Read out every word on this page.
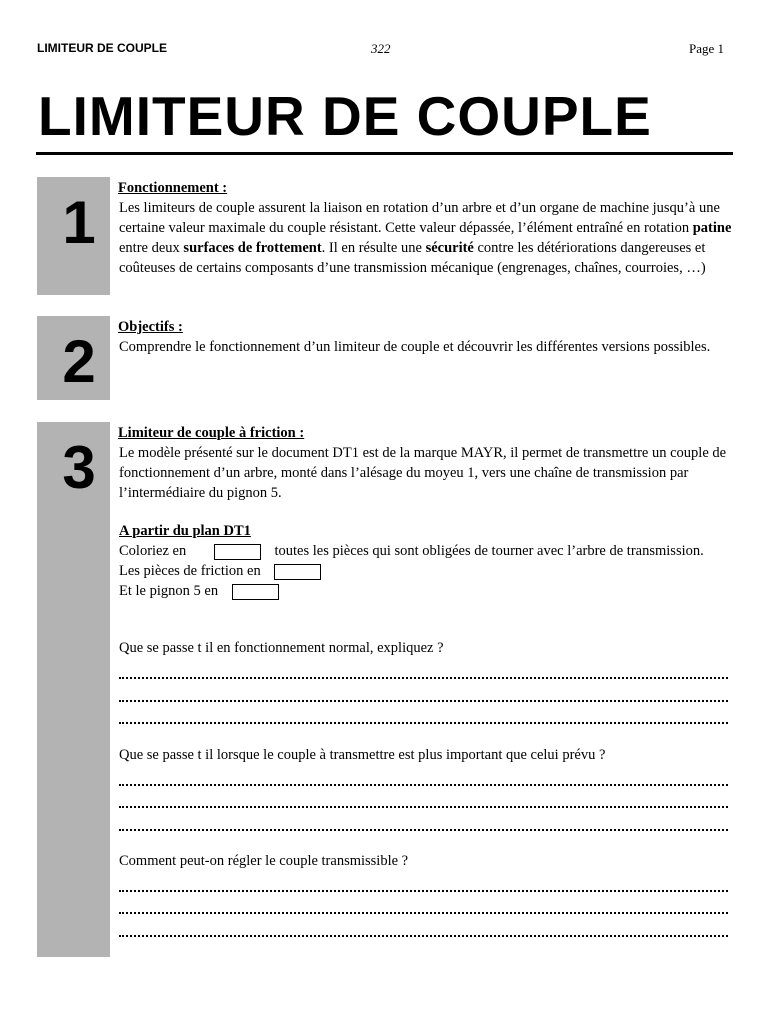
LIMITEUR DE COUPLE	322	Page 1
LIMITEUR DE COUPLE
1

Fonctionnement :

Les limiteurs de couple assurent la liaison en rotation d’un arbre et d’un organe de machine jusqu’à une certaine valeur maximale du couple résistant. Cette valeur dépassée, l’élément entraîné en rotation patine entre deux surfaces de frottement. Il en résulte une sécurité contre les détériorations dangereuses et coûteuses de certains composants d’une transmission mécanique (engrenages, chaînes, courroies, …)

2

Objectifs :

Comprendre le fonctionnement d’un limiteur de couple et découvrir les différentes versions possibles.

3

Limiteur de couple à friction :

Le modèle présenté sur le document DT1 est de la marque MAYR, il permet de transmettre un couple de fonctionnement d’un arbre, monté dans l’alésage du moyeu 1, vers une chaîne de transmission par l’intermédiaire du pignon 5.

A partir du plan DT1

Coloriez en	toutes les pièces qui sont obligées de tourner avec l’arbre de transmission.

Les pièces de friction en

Et le pignon 5 en

Que se passe t il en fonctionnement normal, expliquez ?

Que se passe t il lorsque le couple à transmettre est plus important que celui prévu ?

Comment peut-on régler le couple transmissible ?
